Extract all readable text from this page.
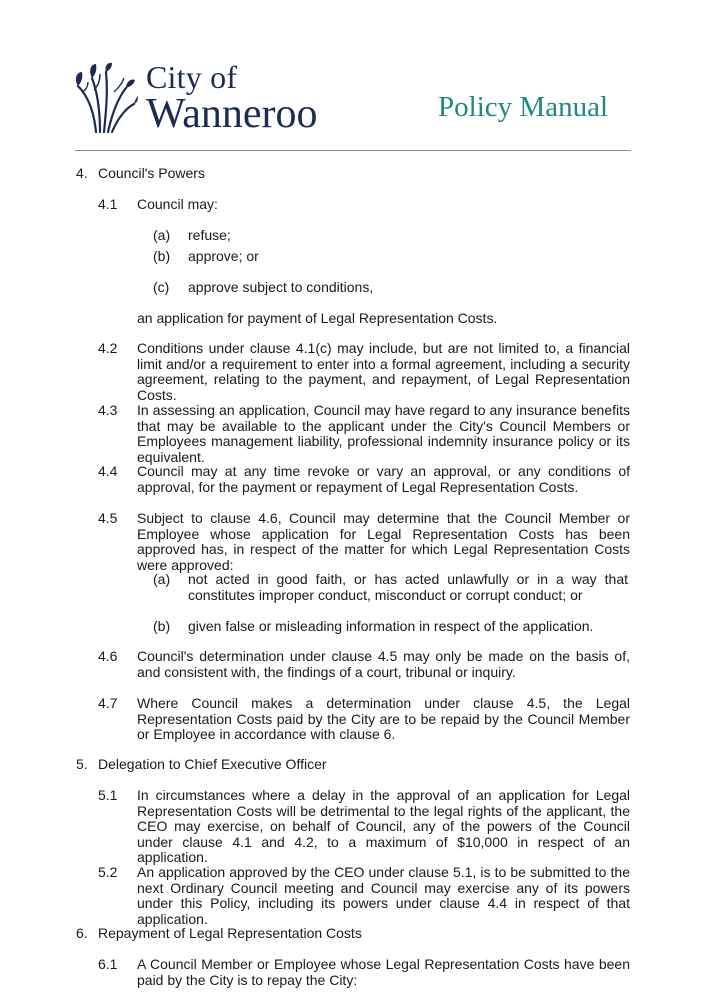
City of
Wanneroo	Policy Manual
4. Council's Powers
4.1 Council may:
(a) refuse;
(b) approve; or
(c) approve subject to conditions,
an application for payment of Legal Representation Costs.
4.2 Conditions under clause 4.1(c) may include, but are not limited to, a financial limit and/or a requirement to enter into a formal agreement, including a security agreement, relating to the payment, and repayment, of Legal Representation Costs.
4.3 In assessing an application, Council may have regard to any insurance benefits that may be available to the applicant under the City's Council Members or Employees management liability, professional indemnity insurance policy or its equivalent.
4.4 Council may at any time revoke or vary an approval, or any conditions of approval, for the payment or repayment of Legal Representation Costs.
4.5 Subject to clause 4.6, Council may determine that the Council Member or Employee whose application for Legal Representation Costs has been approved has, in respect of the matter for which Legal Representation Costs were approved:
(a) not acted in good faith, or has acted unlawfully or in a way that constitutes improper conduct, misconduct or corrupt conduct; or
(b) given false or misleading information in respect of the application.
4.6 Council's determination under clause 4.5 may only be made on the basis of, and consistent with, the findings of a court, tribunal or inquiry.
4.7 Where Council makes a determination under clause 4.5, the Legal Representation Costs paid by the City are to be repaid by the Council Member or Employee in accordance with clause 6.
5. Delegation to Chief Executive Officer
5.1 In circumstances where a delay in the approval of an application for Legal Representation Costs will be detrimental to the legal rights of the applicant, the CEO may exercise, on behalf of Council, any of the powers of the Council under clause 4.1 and 4.2, to a maximum of $10,000 in respect of an application.
5.2 An application approved by the CEO under clause 5.1, is to be submitted to the next Ordinary Council meeting and Council may exercise any of its powers under this Policy, including its powers under clause 4.4 in respect of that application.
6. Repayment of Legal Representation Costs
6.1 A Council Member or Employee whose Legal Representation Costs have been paid by the City is to repay the City:
